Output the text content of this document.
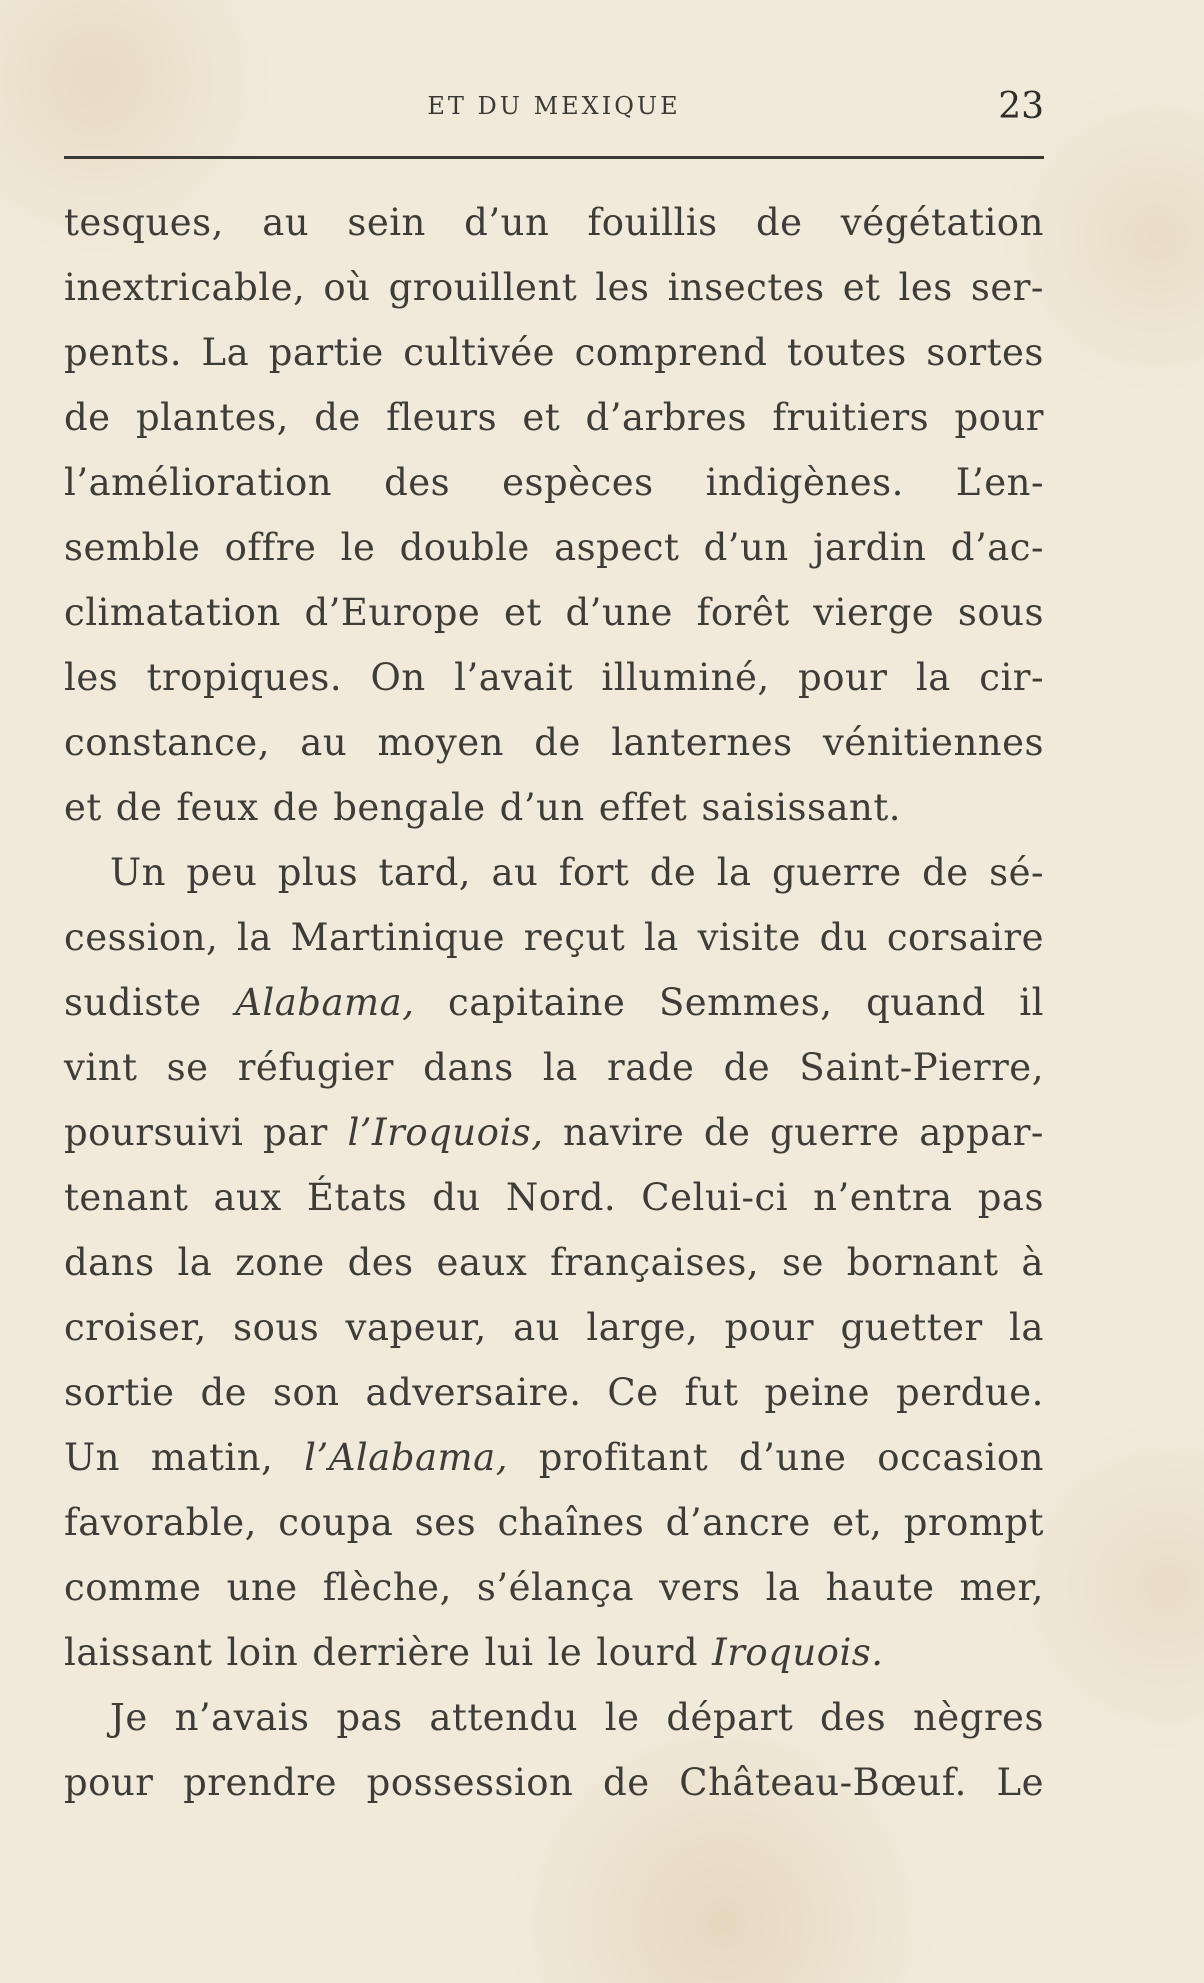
ET DU MEXIQUE	23
tesques, au sein d’un fouillis de végétation
inextricable, où grouillent les insectes et les ser-
pents. La partie cultivée comprend toutes sortes
de plantes, de fleurs et d’arbres fruitiers pour
l’amélioration des espèces indigènes. L’en-
semble offre le double aspect d’un jardin d’ac-
climatation d’Europe et d’une forêt vierge sous
les tropiques. On l’avait illuminé, pour la cir-
constance, au moyen de lanternes vénitiennes
et de feux de bengale d’un effet saisissant.
Un peu plus tard, au fort de la guerre de sé-
cession, la Martinique reçut la visite du corsaire
sudiste Alabama, capitaine Semmes, quand il
vint se réfugier dans la rade de Saint-Pierre,
poursuivi par l’Iroquois, navire de guerre appar-
tenant aux États du Nord. Celui-ci n’entra pas
dans la zone des eaux françaises, se bornant à
croiser, sous vapeur, au large, pour guetter la
sortie de son adversaire. Ce fut peine perdue.
Un matin, l’Alabama, profitant d’une occasion
favorable, coupa ses chaînes d’ancre et, prompt
comme une flèche, s’élança vers la haute mer,
laissant loin derrière lui le lourd Iroquois.
Je n’avais pas attendu le départ des nègres
pour prendre possession de Château-Bœuf. Le
